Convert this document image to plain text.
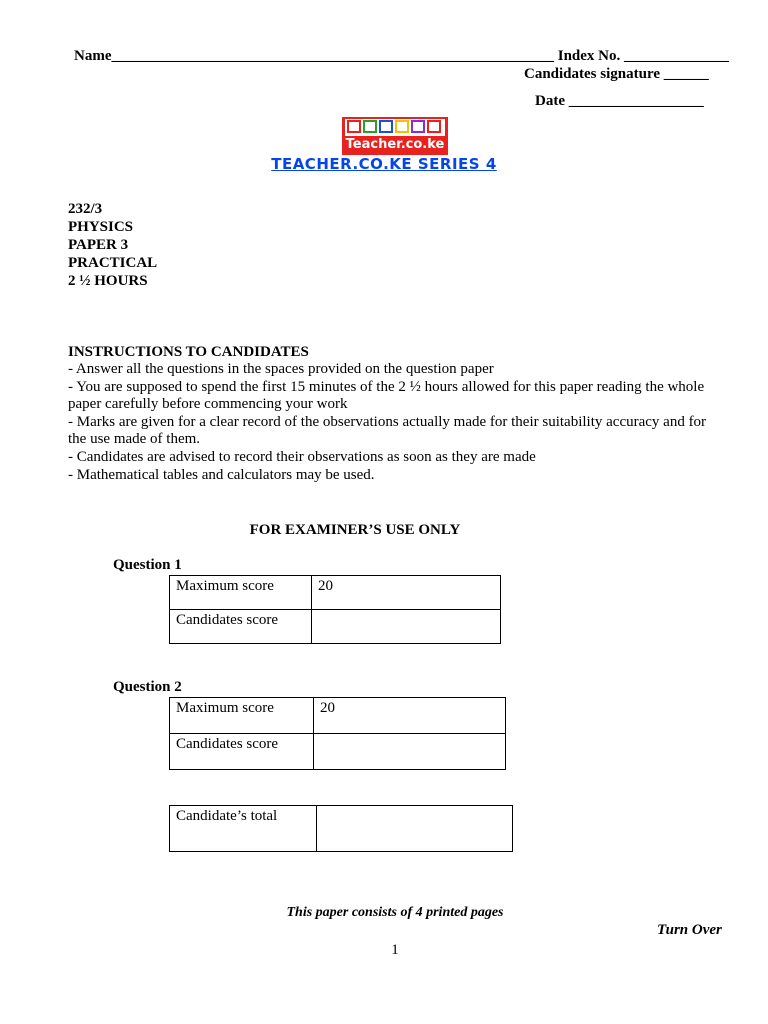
Name___________________________________________________________ Index No. ______________
Candidates signature ______
Date __________________
Teacher.co.ke
TEACHER.CO.KE SERIES 4
232/3
PHYSICS
PAPER 3
PRACTICAL
2 ½ HOURS
INSTRUCTIONS TO CANDIDATES
- Answer all the questions in the spaces provided on the question paper
- You are supposed to spend the first 15 minutes of the 2 ½ hours allowed for this paper reading the whole
paper carefully before commencing your work
- Marks are given for a clear record of the observations actually made for their suitability accuracy and for
the use made of them.
- Candidates are advised to record their observations as soon as they are made
- Mathematical tables and calculators may be used.
FOR EXAMINER’S USE ONLY
Question 1
Maximum score	20
Candidates score	
Question 2
Maximum score	20
Candidates score	
Candidate’s total	
This paper consists of 4 printed pages
Turn Over
1
